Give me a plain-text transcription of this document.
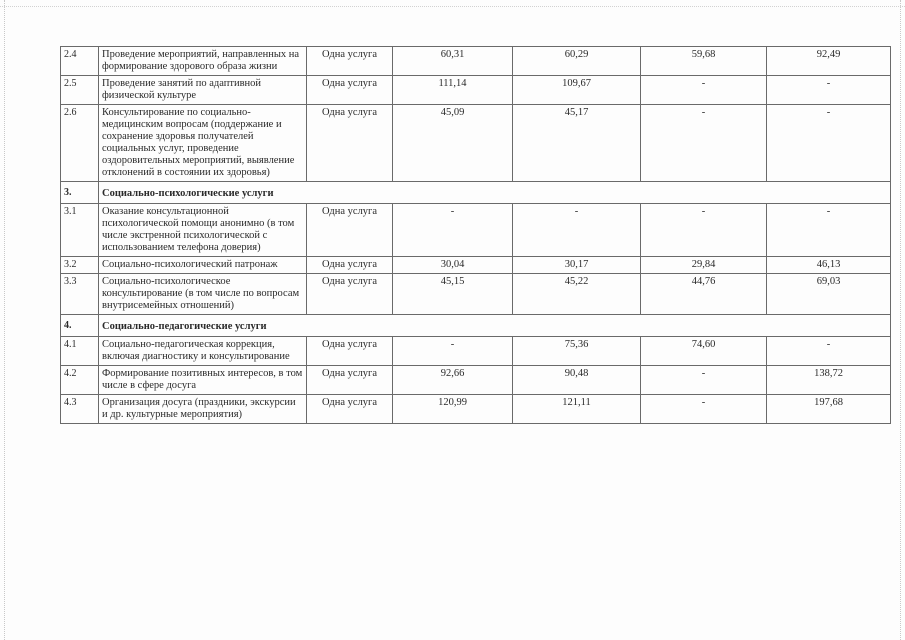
2.4	Проведение мероприятий, направленных на формирование здорового образа жизни	Одна услуга	60,31	60,29	59,68	92,49
2.5	Проведение занятий по адаптивной физической культуре	Одна услуга	111,14	109,67	-	-
2.6	Консультирование по социально-медицинским вопросам (поддержание и сохранение здоровья получателей социальных услуг, проведение оздоровительных мероприятий, выявление отклонений в состоянии их здоровья)	Одна услуга	45,09	45,17	-	-
3.	Социально-психологические услуги					
3.1	Оказание консультационной психологической помощи анонимно (в том числе экстренной психологической с использованием телефона доверия)	Одна услуга	-	-	-	-
3.2	Социально-психологический патронаж	Одна услуга	30,04	30,17	29,84	46,13
3.3	Социально-психологическое консультирование (в том числе по вопросам внутрисемейных отношений)	Одна услуга	45,15	45,22	44,76	69,03
4.	Социально-педагогические услуги					
4.1	Социально-педагогическая коррекция, включая диагностику и консультирование	Одна услуга	-	75,36	74,60	-
4.2	Формирование позитивных интересов, в том числе в сфере досуга	Одна услуга	92,66	90,48	-	138,72
4.3	Организация досуга (праздники, экскурсии и др. культурные мероприятия)	Одна услуга	120,99	121,11	-	197,68
